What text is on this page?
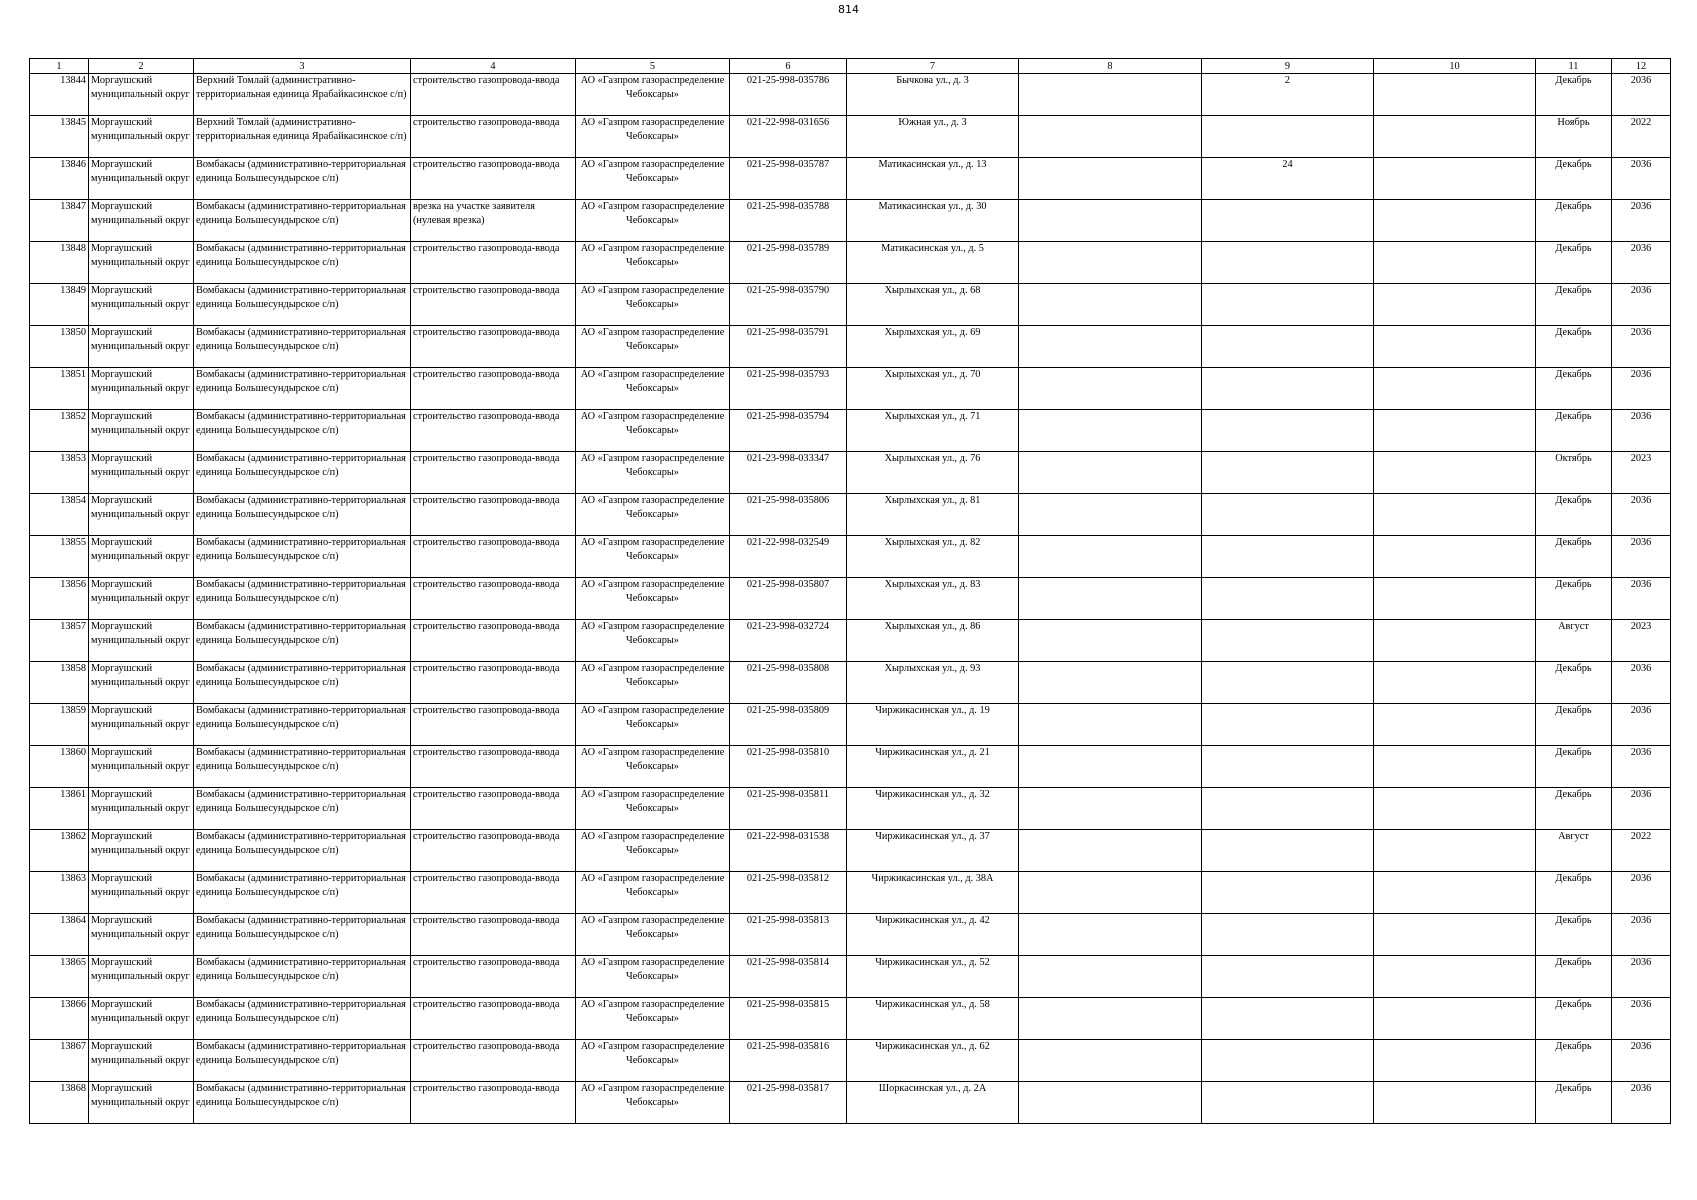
814
1	2	3	4	5	6	7	8	9	10	11	12
13844	Моргаушский муниципальный округ	Верхний Томлай (административно-территориальная единица Ярабайкасинское с/п)	строительство газопровода-ввода	АО «Газпром газораспределение Чебоксары»	021-25-998-035786	Бычкова ул., д. 3		2		Декабрь	2036
13845	Моргаушский муниципальный округ	Верхний Томлай (административно-территориальная единица Ярабайкасинское с/п)	строительство газопровода-ввода	АО «Газпром газораспределение Чебоксары»	021-22-998-031656	Южная ул., д. 3				Ноябрь	2022
13846	Моргаушский муниципальный округ	Вомбакасы (административно-территориальная единица Большесундырское с/п)	строительство газопровода-ввода	АО «Газпром газораспределение Чебоксары»	021-25-998-035787	Матикасинская ул., д. 13		24		Декабрь	2036
13847	Моргаушский муниципальный округ	Вомбакасы (административно-территориальная единица Большесундырское с/п)	врезка на участке заявителя (нулевая врезка)	АО «Газпром газораспределение Чебоксары»	021-25-998-035788	Матикасинская ул., д. 30				Декабрь	2036
13848	Моргаушский муниципальный округ	Вомбакасы (административно-территориальная единица Большесундырское с/п)	строительство газопровода-ввода	АО «Газпром газораспределение Чебоксары»	021-25-998-035789	Матикасинская ул., д. 5				Декабрь	2036
13849	Моргаушский муниципальный округ	Вомбакасы (административно-территориальная единица Большесундырское с/п)	строительство газопровода-ввода	АО «Газпром газораспределение Чебоксары»	021-25-998-035790	Хырлыхская ул., д. 68				Декабрь	2036
13850	Моргаушский муниципальный округ	Вомбакасы (административно-территориальная единица Большесундырское с/п)	строительство газопровода-ввода	АО «Газпром газораспределение Чебоксары»	021-25-998-035791	Хырлыхская ул., д. 69				Декабрь	2036
13851	Моргаушский муниципальный округ	Вомбакасы (административно-территориальная единица Большесундырское с/п)	строительство газопровода-ввода	АО «Газпром газораспределение Чебоксары»	021-25-998-035793	Хырлыхская ул., д. 70				Декабрь	2036
13852	Моргаушский муниципальный округ	Вомбакасы (административно-территориальная единица Большесундырское с/п)	строительство газопровода-ввода	АО «Газпром газораспределение Чебоксары»	021-25-998-035794	Хырлыхская ул., д. 71				Декабрь	2036
13853	Моргаушский муниципальный округ	Вомбакасы (административно-территориальная единица Большесундырское с/п)	строительство газопровода-ввода	АО «Газпром газораспределение Чебоксары»	021-23-998-033347	Хырлыхская ул., д. 76				Октябрь	2023
13854	Моргаушский муниципальный округ	Вомбакасы (административно-территориальная единица Большесундырское с/п)	строительство газопровода-ввода	АО «Газпром газораспределение Чебоксары»	021-25-998-035806	Хырлыхская ул., д. 81				Декабрь	2036
13855	Моргаушский муниципальный округ	Вомбакасы (административно-территориальная единица Большесундырское с/п)	строительство газопровода-ввода	АО «Газпром газораспределение Чебоксары»	021-22-998-032549	Хырлыхская ул., д. 82				Декабрь	2036
13856	Моргаушский муниципальный округ	Вомбакасы (административно-территориальная единица Большесундырское с/п)	строительство газопровода-ввода	АО «Газпром газораспределение Чебоксары»	021-25-998-035807	Хырлыхская ул., д. 83				Декабрь	2036
13857	Моргаушский муниципальный округ	Вомбакасы (административно-территориальная единица Большесундырское с/п)	строительство газопровода-ввода	АО «Газпром газораспределение Чебоксары»	021-23-998-032724	Хырлыхская ул., д. 86				Август	2023
13858	Моргаушский муниципальный округ	Вомбакасы (административно-территориальная единица Большесундырское с/п)	строительство газопровода-ввода	АО «Газпром газораспределение Чебоксары»	021-25-998-035808	Хырлыхская ул., д. 93				Декабрь	2036
13859	Моргаушский муниципальный округ	Вомбакасы (административно-территориальная единица Большесундырское с/п)	строительство газопровода-ввода	АО «Газпром газораспределение Чебоксары»	021-25-998-035809	Чиржикасинская ул., д. 19				Декабрь	2036
13860	Моргаушский муниципальный округ	Вомбакасы (административно-территориальная единица Большесундырское с/п)	строительство газопровода-ввода	АО «Газпром газораспределение Чебоксары»	021-25-998-035810	Чиржикасинская ул., д. 21				Декабрь	2036
13861	Моргаушский муниципальный округ	Вомбакасы (административно-территориальная единица Большесундырское с/п)	строительство газопровода-ввода	АО «Газпром газораспределение Чебоксары»	021-25-998-035811	Чиржикасинская ул., д. 32				Декабрь	2036
13862	Моргаушский муниципальный округ	Вомбакасы (административно-территориальная единица Большесундырское с/п)	строительство газопровода-ввода	АО «Газпром газораспределение Чебоксары»	021-22-998-031538	Чиржикасинская ул., д. 37				Август	2022
13863	Моргаушский муниципальный округ	Вомбакасы (административно-территориальная единица Большесундырское с/п)	строительство газопровода-ввода	АО «Газпром газораспределение Чебоксары»	021-25-998-035812	Чиржикасинская ул., д. 38А				Декабрь	2036
13864	Моргаушский муниципальный округ	Вомбакасы (административно-территориальная единица Большесундырское с/п)	строительство газопровода-ввода	АО «Газпром газораспределение Чебоксары»	021-25-998-035813	Чиржикасинская ул., д. 42				Декабрь	2036
13865	Моргаушский муниципальный округ	Вомбакасы (административно-территориальная единица Большесундырское с/п)	строительство газопровода-ввода	АО «Газпром газораспределение Чебоксары»	021-25-998-035814	Чиржикасинская ул., д. 52				Декабрь	2036
13866	Моргаушский муниципальный округ	Вомбакасы (административно-территориальная единица Большесундырское с/п)	строительство газопровода-ввода	АО «Газпром газораспределение Чебоксары»	021-25-998-035815	Чиржикасинская ул., д. 58				Декабрь	2036
13867	Моргаушский муниципальный округ	Вомбакасы (административно-территориальная единица Большесундырское с/п)	строительство газопровода-ввода	АО «Газпром газораспределение Чебоксары»	021-25-998-035816	Чиржикасинская ул., д. 62				Декабрь	2036
13868	Моргаушский муниципальный округ	Вомбакасы (административно-территориальная единица Большесундырское с/п)	строительство газопровода-ввода	АО «Газпром газораспределение Чебоксары»	021-25-998-035817	Шоркасинская ул., д. 2А				Декабрь	2036
